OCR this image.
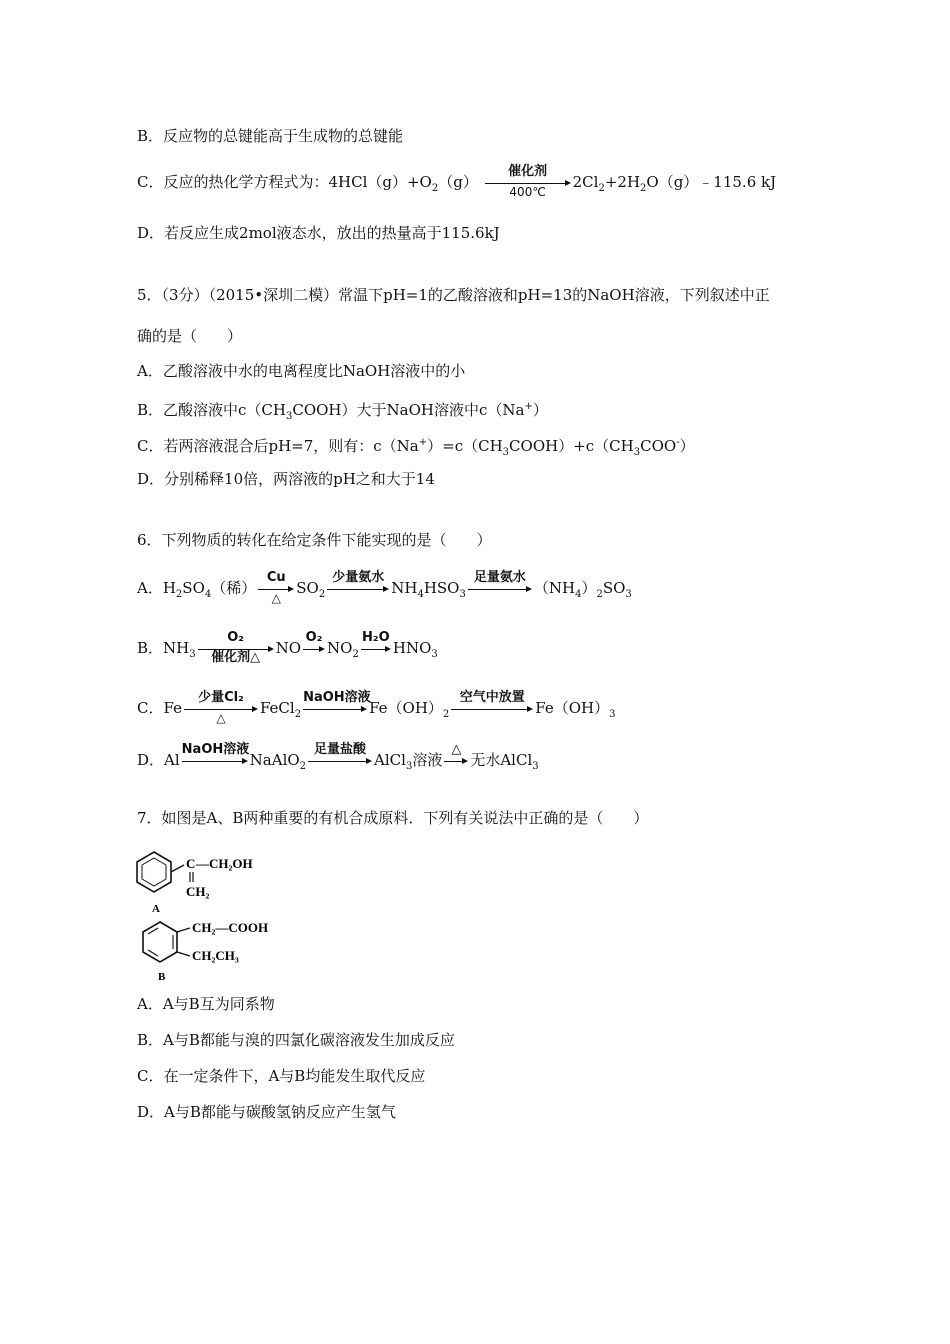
B．反应物的总键能高于生成物的总键能
C．反应的热化学方程式为：$4HCl(g)+O_2(g)$
催化剂
400℃
$2Cl_2+2H_2O(g)﹣115.6$ kJ
D．若反应生成2mol液态水，放出的热量高于115.6kJ
5．（3分）（2015•深圳二模）常温下pH=1的乙酸溶液和pH=13的NaOH溶液，下列叙述中正
确的是（　　）
A．乙酸溶液中水的电离程度比NaOH溶液中的小
B．乙酸溶液中$c(CH_3COOH)$大于NaOH溶液中c（Na+）
C．若两溶液混合后pH=7，则有：$c(Na^+)=c(CH_3COOH)+c(CH_3COO^-)$
D．分别稀释10倍，两溶液的pH之和大于14
6．下列物质的转化在给定条件下能实现的是（　　）
A．$H_2SO_4$（稀）
Cu
△
$SO_2$
少量氨水
$NH_4HSO_3$
足量氨水
$(NH_4)_2SO_3$
B．$NH_3$
O₂
催化剂△
NO
O₂
$NO_2$
H₂O
$HNO_3$
C．Fe
少量Cl₂
△
FeCl$_2$
NaOH溶液
$Fe(OH)_2$
空气中放置
$Fe(OH)_3$
D．Al
NaOH溶液
NaAlO$_2$
足量盐酸
AlCl$_3$溶液
△
无水AlCl$_3$
7．如图是A、B两种重要的有机合成原料．下列有关说法中正确的是（　　）
C —CH₂OH
CH₂
A
CH₂—COOH
CH₂CH₃
B
A．A与B互为同系物
B．A与B都能与溴的四氯化碳溶液发生加成反应
C．在一定条件下，A与B均能发生取代反应
D．A与B都能与碳酸氢钠反应产生氢气
